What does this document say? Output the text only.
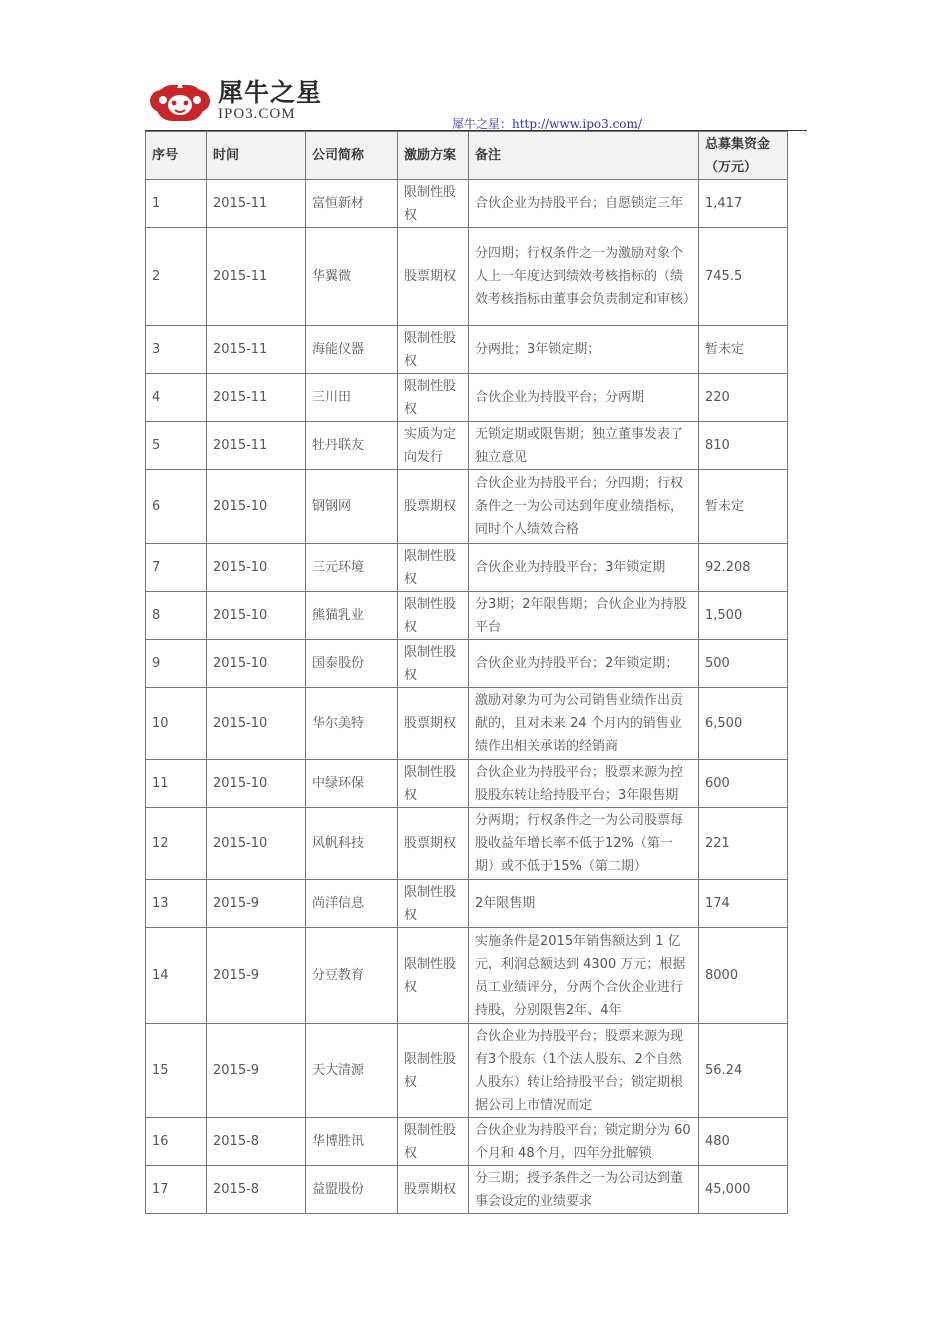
犀牛之星
IPO3.COM
犀牛之星：http://www.ipo3.com/
序号	时间	公司简称	激励方案	备注	总募集资金（万元）
1	2015-11	富恒新材	限制性股权	合伙企业为持股平台；自愿锁定三年	1,417
2	2015-11	华翼微	股票期权	分四期；行权条件之一为激励对象个人上一年度达到绩效考核指标的（绩效考核指标由董事会负责制定和审核）	745.5
3	2015-11	海能仪器	限制性股权	分两批；3年锁定期；	暂未定
4	2015-11	三川田	限制性股权	合伙企业为持股平台；分两期	220
5	2015-11	牡丹联友	实质为定向发行	无锁定期或限售期；独立董事发表了独立意见	810
6	2015-10	钢钢网	股票期权	合伙企业为持股平台；分四期；行权条件之一为公司达到年度业绩指标，同时个人绩效合格	暂未定
7	2015-10	三元环境	限制性股权	合伙企业为持股平台；3年锁定期	92.208
8	2015-10	熊猫乳业	限制性股权	分3期；2年限售期；合伙企业为持股平台	1,500
9	2015-10	国泰股份	限制性股权	合伙企业为持股平台；2年锁定期；	500
10	2015-10	华尔美特	股票期权	激励对象为可为公司销售业绩作出贡献的，且对未来 24 个月内的销售业绩作出相关承诺的经销商	6,500
11	2015-10	中绿环保	限制性股权	合伙企业为持股平台；股票来源为控股股东转让给持股平台；3年限售期	600
12	2015-10	风帆科技	股票期权	分两期；行权条件之一为公司股票每股收益年增长率不低于12%（第一期）或不低于15%（第二期）	221
13	2015-9	尚洋信息	限制性股权	2年限售期	174
14	2015-9	分豆教育	限制性股权	实施条件是2015年销售额达到 1 亿元，利润总额达到 4300 万元；根据员工业绩评分，分两个合伙企业进行持股，分别限售2年、4年	8000
15	2015-9	天大清源	限制性股权	合伙企业为持股平台；股票来源为现有3个股东（1个法人股东、2个自然人股东）转让给持股平台；锁定期根据公司上市情况而定	56.24
16	2015-8	华博胜讯	限制性股权	合伙企业为持股平台；锁定期分为 60 个月和 48个月，四年分批解锁	480
17	2015-8	益盟股份	股票期权	分三期；授予条件之一为公司达到董事会设定的业绩要求	45,000
